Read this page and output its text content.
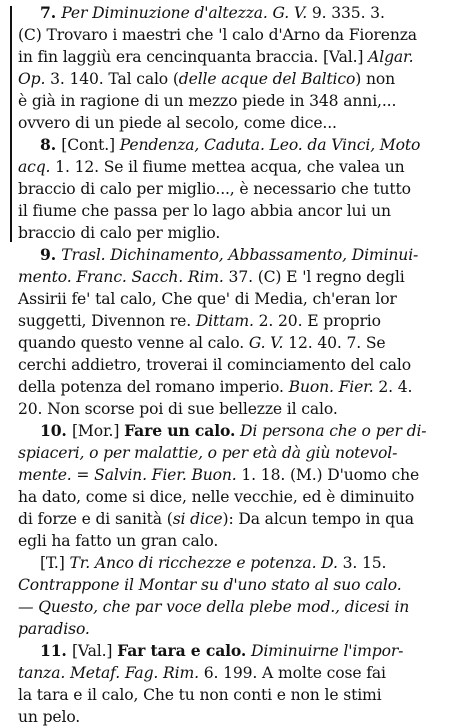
7. Per Diminuzione d'altezza. G. V. 9. 335. 3.
(C) Trovaro i maestri che 'l calo d'Arno da Fiorenza
in fin laggiù era cencinquanta braccia. [Val.] Algar.
Op. 3. 140. Tal calo (delle acque del Baltico) non
è già in ragione di un mezzo piede in 348 anni,...
ovvero di un piede al secolo, come dice...
8. [Cont.] Pendenza, Caduta. Leo. da Vinci, Moto
acq. 1. 12. Se il fiume mettea acqua, che valea un
braccio di calo per miglio..., è necessario che tutto
il fiume che passa per lo lago abbia ancor lui un
braccio di calo per miglio.
9. Trasl. Dichinamento, Abbassamento, Diminui-
mento. Franc. Sacch. Rim. 37. (C) E 'l regno degli
Assirii fe' tal calo, Che que' di Media, ch'eran lor
suggetti, Divennon re. Dittam. 2. 20. E proprio
quando questo venne al calo. G. V. 12. 40. 7. Se
cerchi addietro, troverai il cominciamento del calo
della potenza del romano imperio. Buon. Fier. 2. 4.
20. Non scorse poi di sue bellezze il calo.
10. [Mor.] Fare un calo. Di persona che o per di-
spiaceri, o per malattie, o per età dà giù notevol-
mente. = Salvin. Fier. Buon. 1. 18. (M.) D'uomo che
ha dato, come si dice, nelle vecchie, ed è diminuito
di forze e di sanità (si dice): Da alcun tempo in qua
egli ha fatto un gran calo.
[T.] Tr. Anco di ricchezze e potenza. D. 3. 15.
Contrappone il Montar su d'uno stato al suo calo.
— Questo, che par voce della plebe mod., dicesi in
paradiso.
11. [Val.] Far tara e calo. Diminuirne l'impor-
tanza. Metaf. Fag. Rim. 6. 199. A molte cose fai
la tara e il calo, Che tu non conti e non le stimi
un pelo.
